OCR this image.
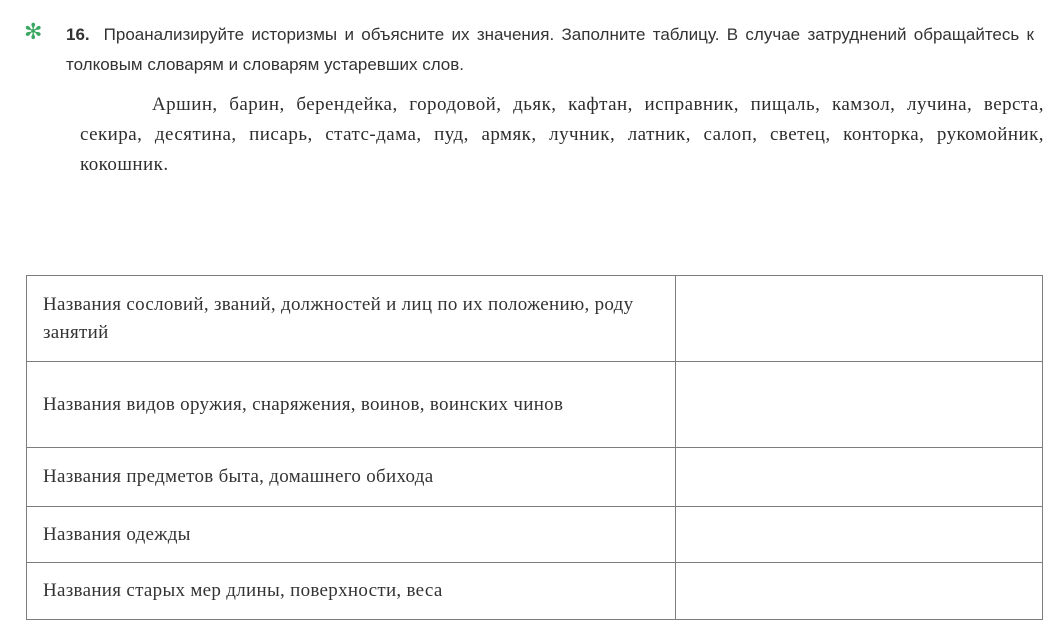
✻	16. Проанализируйте историзмы и объясните их значения. Заполните таблицу. В случае затруднений обращайтесь к толковым словарям и словарям устаревших слов.
Аршин, барин, берендейка, городовой, дьяк, кафтан, исправник, пищаль, камзол, лучина, верста, секира, десятина, писарь, статс-дама, пуд, армяк, лучник, латник, салоп, светец, конторка, рукомойник, кокошник.
Названия сословий, званий, должностей и лиц по их положению, роду занятий	
Названия видов оружия, снаряжения, воинов, воинских чинов	
Названия предметов быта, домашнего обихода	
Названия одежды	
Названия старых мер длины, поверхности, веса	
